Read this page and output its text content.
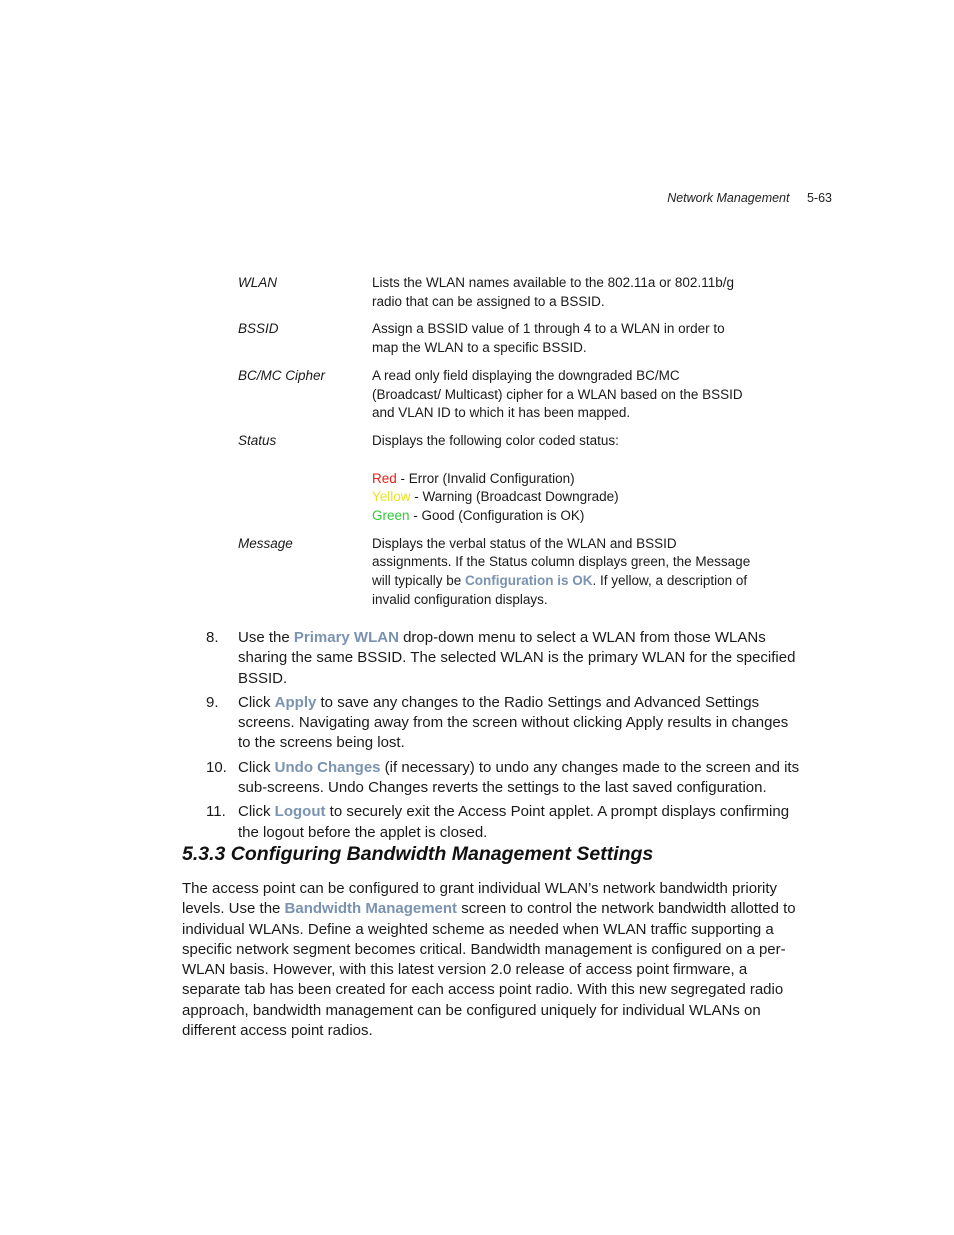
Network Management 5-63
WLAN	Lists the WLAN names available to the 802.11a or 802.11b/g radio that can be assigned to a BSSID.
BSSID	Assign a BSSID value of 1 through 4 to a WLAN in order to map the WLAN to a specific BSSID.
BC/MC Cipher	A read only field displaying the downgraded BC/MC (Broadcast/ Multicast) cipher for a WLAN based on the BSSID and VLAN ID to which it has been mapped.
Status	Displays the following color coded status:
Red - Error (Invalid Configuration)
Yellow - Warning (Broadcast Downgrade)
Green - Good (Configuration is OK)
Message	Displays the verbal status of the WLAN and BSSID assignments. If the Status column displays green, the Message will typically be Configuration is OK. If yellow, a description of invalid configuration displays.
8.	Use the Primary WLAN drop-down menu to select a WLAN from those WLANs sharing the same BSSID. The selected WLAN is the primary WLAN for the specified BSSID.
9.	Click Apply to save any changes to the Radio Settings and Advanced Settings screens. Navigating away from the screen without clicking Apply results in changes to the screens being lost.
10. Click Undo Changes (if necessary) to undo any changes made to the screen and its sub-screens. Undo Changes reverts the settings to the last saved configuration.
11. Click Logout to securely exit the Access Point applet. A prompt displays confirming the logout before the applet is closed.
5.3.3 Configuring Bandwidth Management Settings
The access point can be configured to grant individual WLAN’s network bandwidth priority levels. Use the Bandwidth Management screen to control the network bandwidth allotted to individual WLANs. Define a weighted scheme as needed when WLAN traffic supporting a specific network segment becomes critical. Bandwidth management is configured on a per-WLAN basis. However, with this latest version 2.0 release of access point firmware, a separate tab has been created for each access point radio. With this new segregated radio approach, bandwidth management can be configured uniquely for individual WLANs on different access point radios.
